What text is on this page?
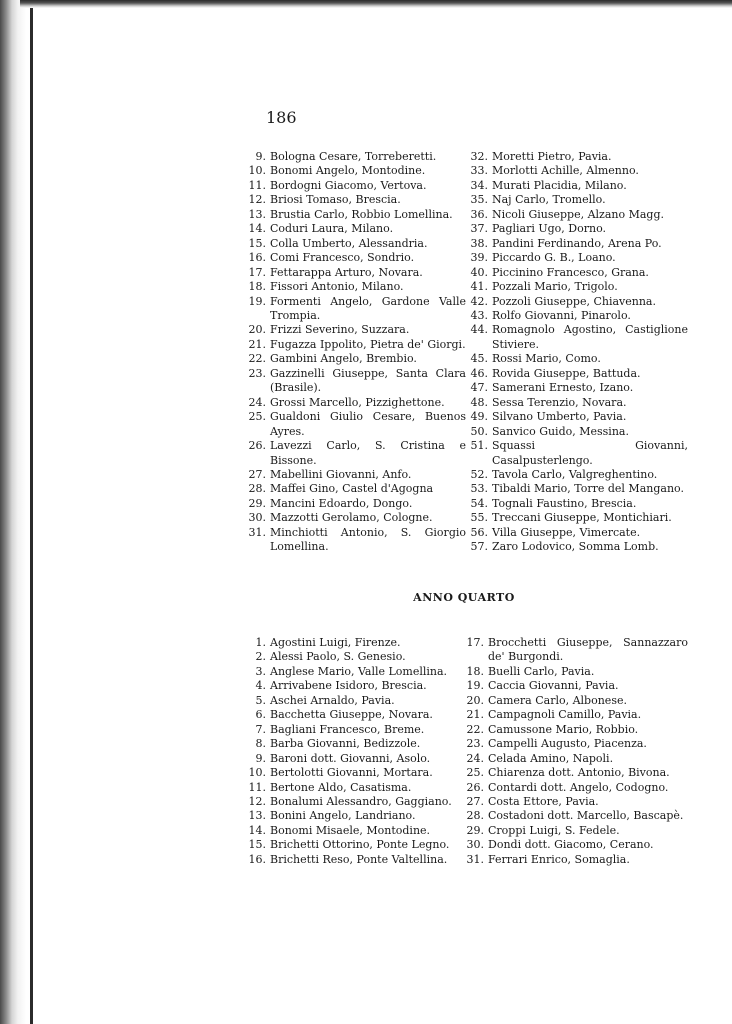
186
9. Bologna Cesare, Torreberetti.
10. Bonomi Angelo, Montodine.
11. Bordogni Giacomo, Vertova.
12. Briosi Tomaso, Brescia.
13. Brustia Carlo, Robbio Lomellina.
14. Coduri Laura, Milano.
15. Colla Umberto, Alessandria.
16. Comi Francesco, Sondrio.
17. Fettarappa Arturo, Novara.
18. Fissori Antonio, Milano.
19. Formenti Angelo, Gardone Valle Trompia.
20. Frizzi Severino, Suzzara.
21. Fugazza Ippolito, Pietra de' Giorgi.
22. Gambini Angelo, Brembio.
23. Gazzinelli Giuseppe, Santa Clara (Brasile).
24. Grossi Marcello, Pizzighettone.
25. Gualdoni Giulio Cesare, Buenos Ayres.
26. Lavezzi Carlo, S. Cristina e Bissone.
27. Mabellini Giovanni, Anfo.
28. Maffei Gino, Castel d'Agogna
29. Mancini Edoardo, Dongo.
30. Mazzotti Gerolamo, Cologne.
31. Minchiotti Antonio, S. Giorgio Lomellina.
32. Moretti Pietro, Pavia.
33. Morlotti Achille, Almenno.
34. Murati Placidia, Milano.
35. Naj Carlo, Tromello.
36. Nicoli Giuseppe, Alzano Magg.
37. Pagliari Ugo, Dorno.
38. Pandini Ferdinando, Arena Po.
39. Piccardo G. B., Loano.
40. Piccinino Francesco, Grana.
41. Pozzali Mario, Trigolo.
42. Pozzoli Giuseppe, Chiavenna.
43. Rolfo Giovanni, Pinarolo.
44. Romagnolo Agostino, Castiglione Stiviere.
45. Rossi Mario, Como.
46. Rovida Giuseppe, Battuda.
47. Samerani Ernesto, Izano.
48. Sessa Terenzio, Novara.
49. Silvano Umberto, Pavia.
50. Sanvico Guido, Messina.
51. Squassi Giovanni, Casalpusterlengo.
52. Tavola Carlo, Valgreghentino.
53. Tibaldi Mario, Torre del Mangano.
54. Tognali Faustino, Brescia.
55. Treccani Giuseppe, Montichiari.
56. Villa Giuseppe, Vimercate.
57. Zaro Lodovico, Somma Lomb.
ANNO QUARTO
1. Agostini Luigi, Firenze.
2. Alessi Paolo, S. Genesio.
3. Anglese Mario, Valle Lomellina.
4. Arrivabene Isidoro, Brescia.
5. Aschei Arnaldo, Pavia.
6. Bacchetta Giuseppe, Novara.
7. Bagliani Francesco, Breme.
8. Barba Giovanni, Bedizzole.
9. Baroni dott. Giovanni, Asolo.
10. Bertolotti Giovanni, Mortara.
11. Bertone Aldo, Casatisma.
12. Bonalumi Alessandro, Gaggiano.
13. Bonini Angelo, Landriano.
14. Bonomi Misaele, Montodine.
15. Brichetti Ottorino, Ponte Legno.
16. Brichetti Reso, Ponte Valtellina.
17. Brocchetti Giuseppe, Sannazzaro de' Burgondi.
18. Buelli Carlo, Pavia.
19. Caccia Giovanni, Pavia.
20. Camera Carlo, Albonese.
21. Campagnoli Camillo, Pavia.
22. Camussone Mario, Robbio.
23. Campelli Augusto, Piacenza.
24. Celada Amino, Napoli.
25. Chiarenza dott. Antonio, Bivona.
26. Contardi dott. Angelo, Codogno.
27. Costa Ettore, Pavia.
28. Costadoni dott. Marcello, Bascapè.
29. Croppi Luigi, S. Fedele.
30. Dondi dott. Giacomo, Cerano.
31. Ferrari Enrico, Somaglia.
